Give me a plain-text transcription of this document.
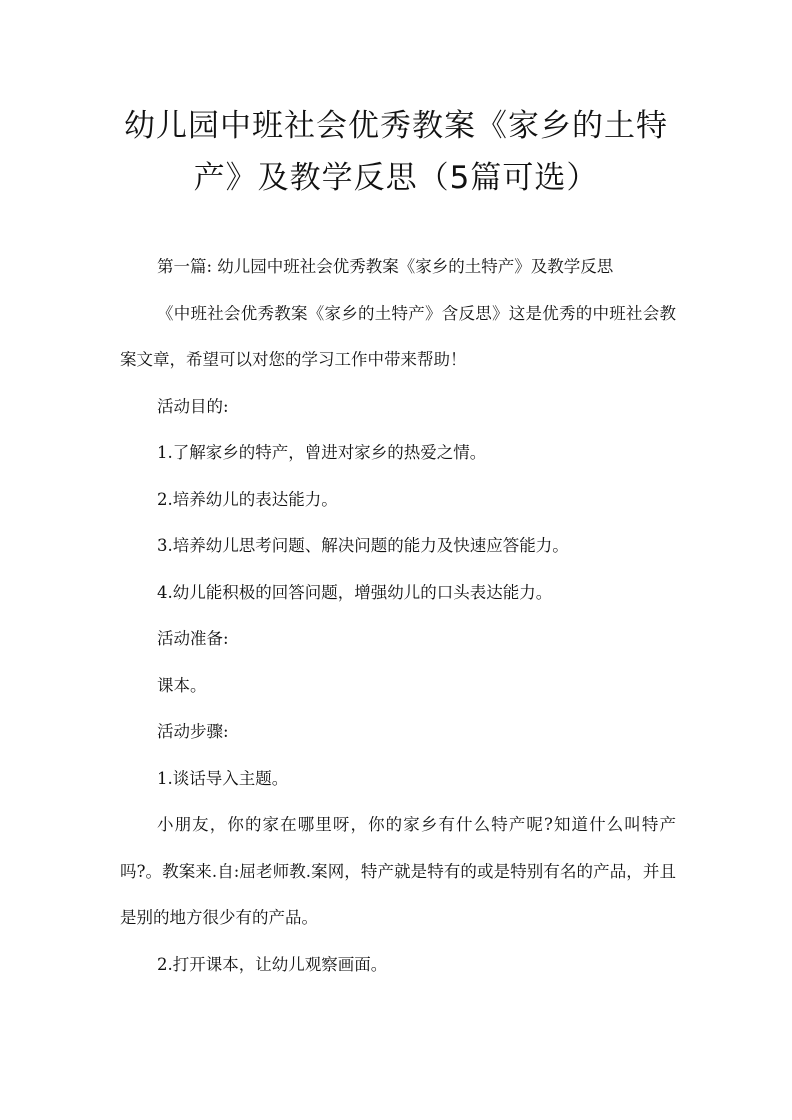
幼儿园中班社会优秀教案《家乡的土特
产》及教学反思（5篇可选）

第一篇: 幼儿园中班社会优秀教案《家乡的土特产》及教学反思

《中班社会优秀教案《家乡的土特产》含反思》这是优秀的中班社会教案文章，希望可以对您的学习工作中带来帮助！

活动目的:

1.了解家乡的特产，曾进对家乡的热爱之情。

2.培养幼儿的表达能力。

3.培养幼儿思考问题、解决问题的能力及快速应答能力。

4.幼儿能积极的回答问题，增强幼儿的口头表达能力。

活动准备:

课本。

活动步骤:

1.谈话导入主题。

小朋友，你的家在哪里呀，你的家乡有什么特产呢?知道什么叫特产吗?。教案来.自:屈老师教.案网，特产就是特有的或是特别有名的产品，并且是别的地方很少有的产品。

2.打开课本，让幼儿观察画面。
